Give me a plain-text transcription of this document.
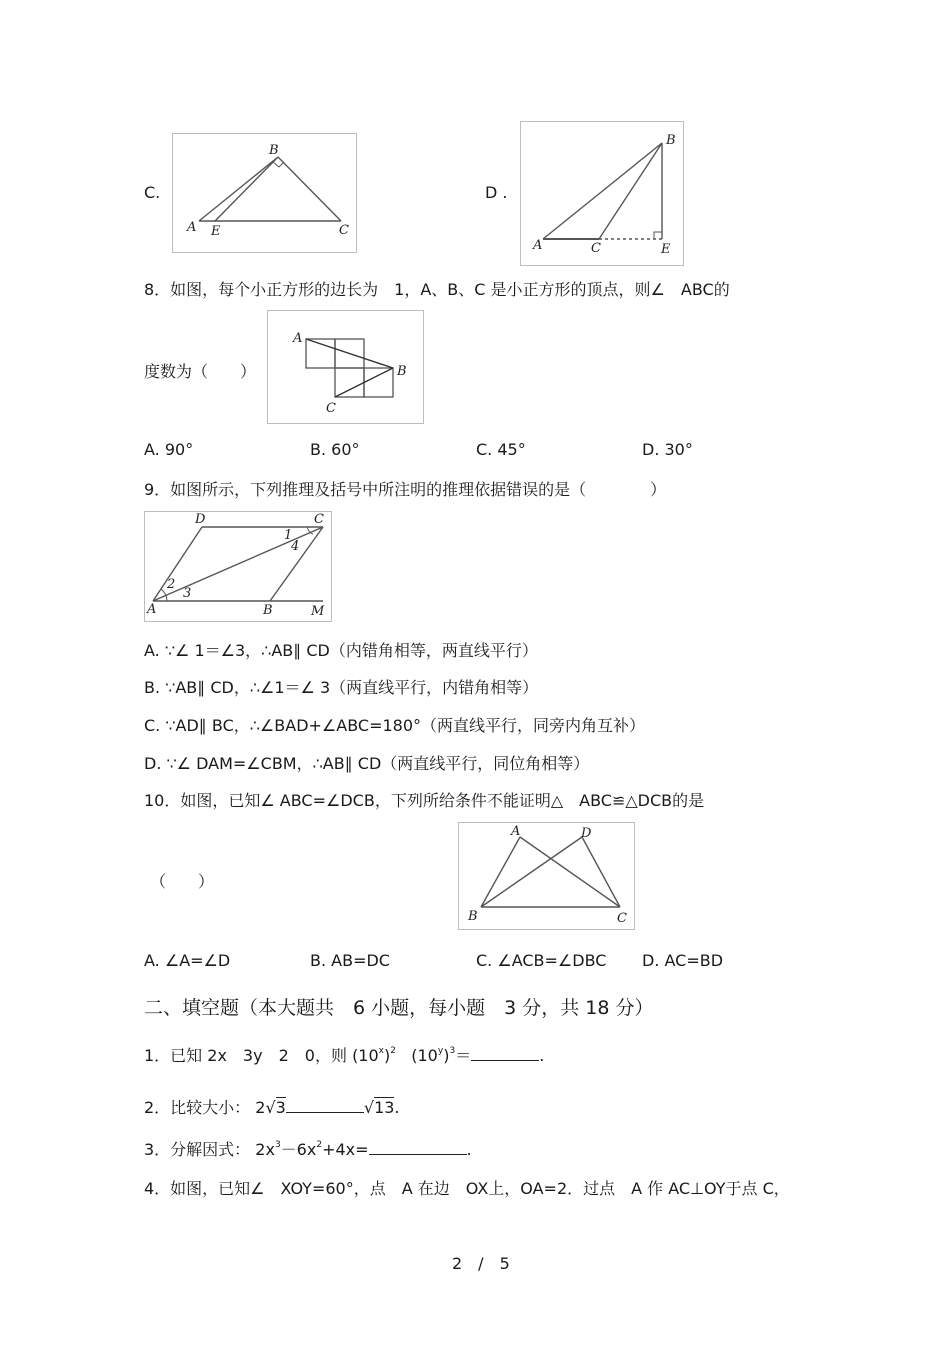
C.
A E
B
C
D .
A	C	E
B
8．如图，每个小正方形的边长为　1，A、B、C 是小正方形的顶点，则∠　ABC的
A
B
C
度数为（　　）
A. 90°	B. 60°	C. 45°	D. 30°
9．如图所示，下列推理及括号中所注明的推理依据错误的是（　　　　）
D	C
A	B	M
1
4
2
3
A. ∵∠ 1＝∠3，∴AB∥ CD（内错角相等，两直线平行）
B. ∵AB∥ CD，∴∠1＝∠ 3（两直线平行，内错角相等）
C. ∵AD∥ BC，∴∠BAD+∠ABC=180°（两直线平行，同旁内角互补）
D. ∵∠ DAM=∠CBM，∴AB∥ CD（两直线平行，同位角相等）
10．如图，已知∠ ABC=∠DCB，下列所给条件不能证明△　ABC≌△DCB的是
A	D
B	C
（　　）
A. ∠A=∠D	B. AB=DC	C. ∠ACB=∠DBC D. AC=BD
二、填空题（本大题共　6 小题，每小题　3 分，共 18 分）
1．已知 2x　3y　2　0，则 $(10^x)^2$ $(10^y)^3=$	.
2．比较大小： 2√3	√13.
3．分解因式： $2x^3-6x^2+4x=$	.
4．如图，已知∠　XOY=60°，点　A 在边　OX上，OA=2．过点　A 作 AC⊥OY于点 C，
2　/　5
